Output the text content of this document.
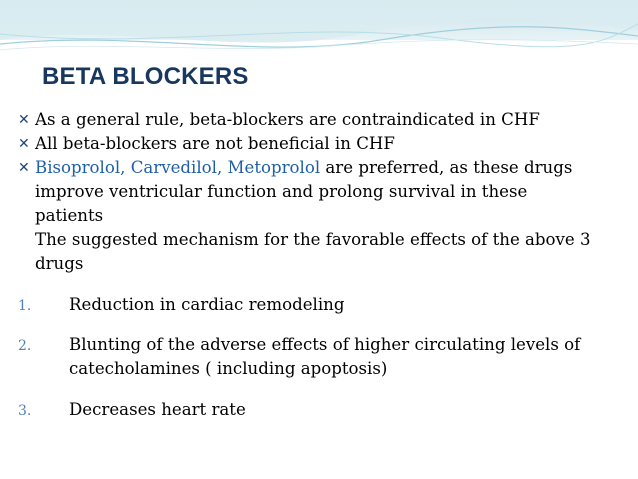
BETA BLOCKERS

✕ As a general rule, beta-blockers are contraindicated in CHF

✕ All beta-blockers are not beneficial in CHF

✕ Bisoprolol, Carvedilol, Metoprolol are preferred, as these drugs improve ventricular function and prolong survival in these patients

The suggested mechanism for the favorable effects of the above 3 drugs

1. Reduction in cardiac remodeling

2. Blunting of the adverse effects of higher circulating levels of catecholamines ( including apoptosis)

3. Decreases heart rate
